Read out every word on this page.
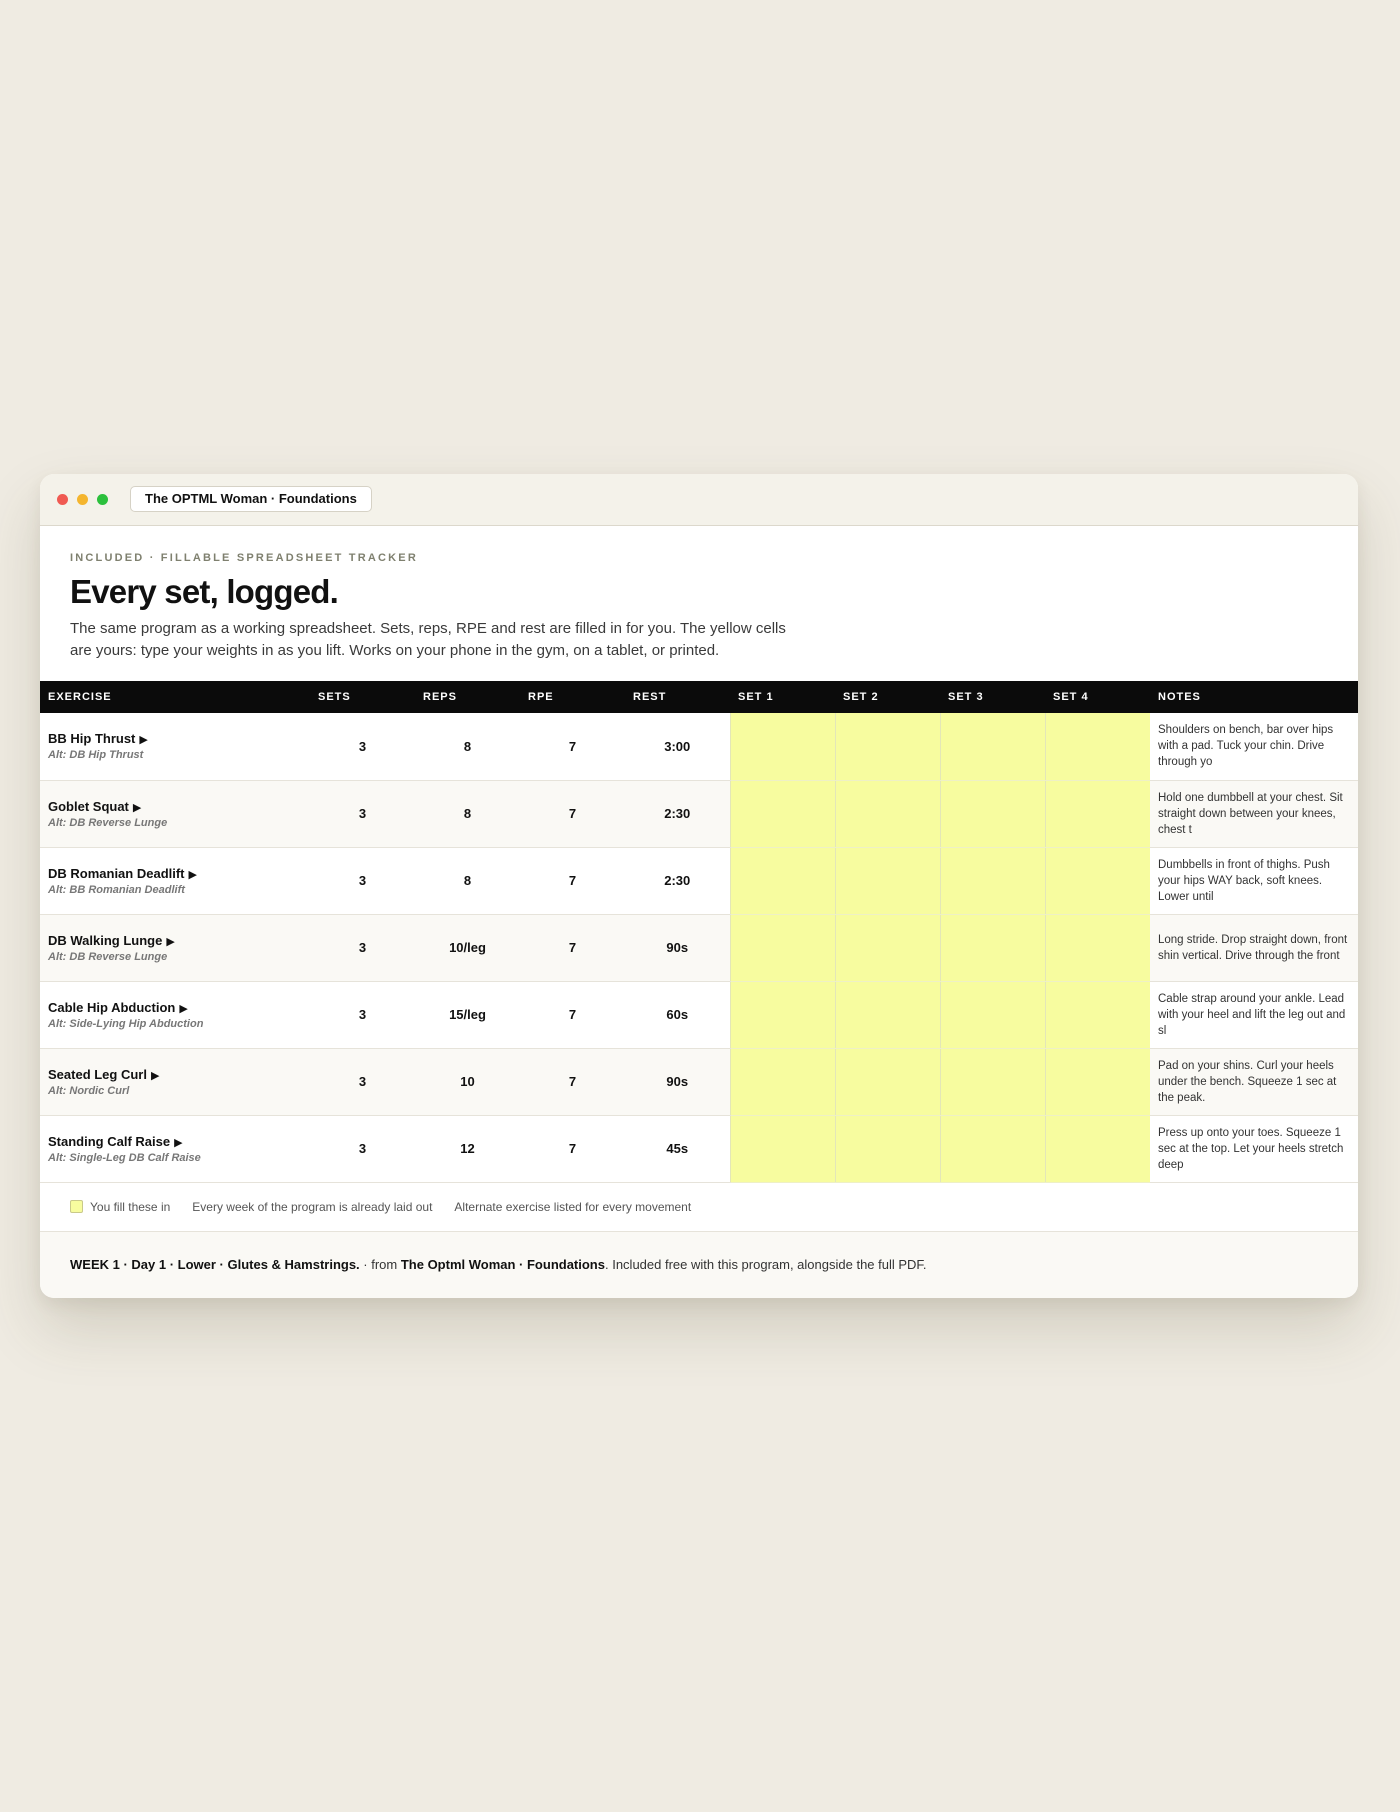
The OPTML Woman · Foundations
INCLUDED · FILLABLE SPREADSHEET TRACKER
Every set, logged.
The same program as a working spreadsheet. Sets, reps, RPE and rest are filled in for you. The yellow cells are yours: type your weights in as you lift. Works on your phone in the gym, on a tablet, or printed.
EXERCISE	SETS	REPS	RPE	REST	SET 1	SET 2	SET 3	SET 4	NOTES

BB Hip Thrust ▶
Alt: DB Hip Thrust	3	8	7	3:00					Shoulders on bench, bar over hips with a pad. Tuck your chin. Drive through yo

Goblet Squat ▶
Alt: DB Reverse Lunge	3	8	7	2:30					Hold one dumbbell at your chest. Sit straight down between your knees, chest t

DB Romanian Deadlift ▶
Alt: BB Romanian Deadlift	3	8	7	2:30					Dumbbells in front of thighs. Push your hips WAY back, soft knees. Lower until

DB Walking Lunge ▶
Alt: DB Reverse Lunge	3	10/leg	7	90s					Long stride. Drop straight down, front shin vertical. Drive through the front

Cable Hip Abduction ▶
Alt: Side-Lying Hip Abduction	3	15/leg	7	60s					Cable strap around your ankle. Lead with your heel and lift the leg out and sl

Seated Leg Curl ▶
Alt: Nordic Curl	3	10	7	90s					Pad on your shins. Curl your heels under the bench. Squeeze 1 sec at the peak.

Standing Calf Raise ▶
Alt: Single-Leg DB Calf Raise	3	12	7	45s					Press up onto your toes. Squeeze 1 sec at the top. Let your heels stretch deep
You fill these in Every week of the program is already laid out Alternate exercise listed for every movement
WEEK 1 · Day 1 · Lower · Glutes & Hamstrings. · from The Optml Woman · Foundations. Included free with this program, alongside the full PDF.
